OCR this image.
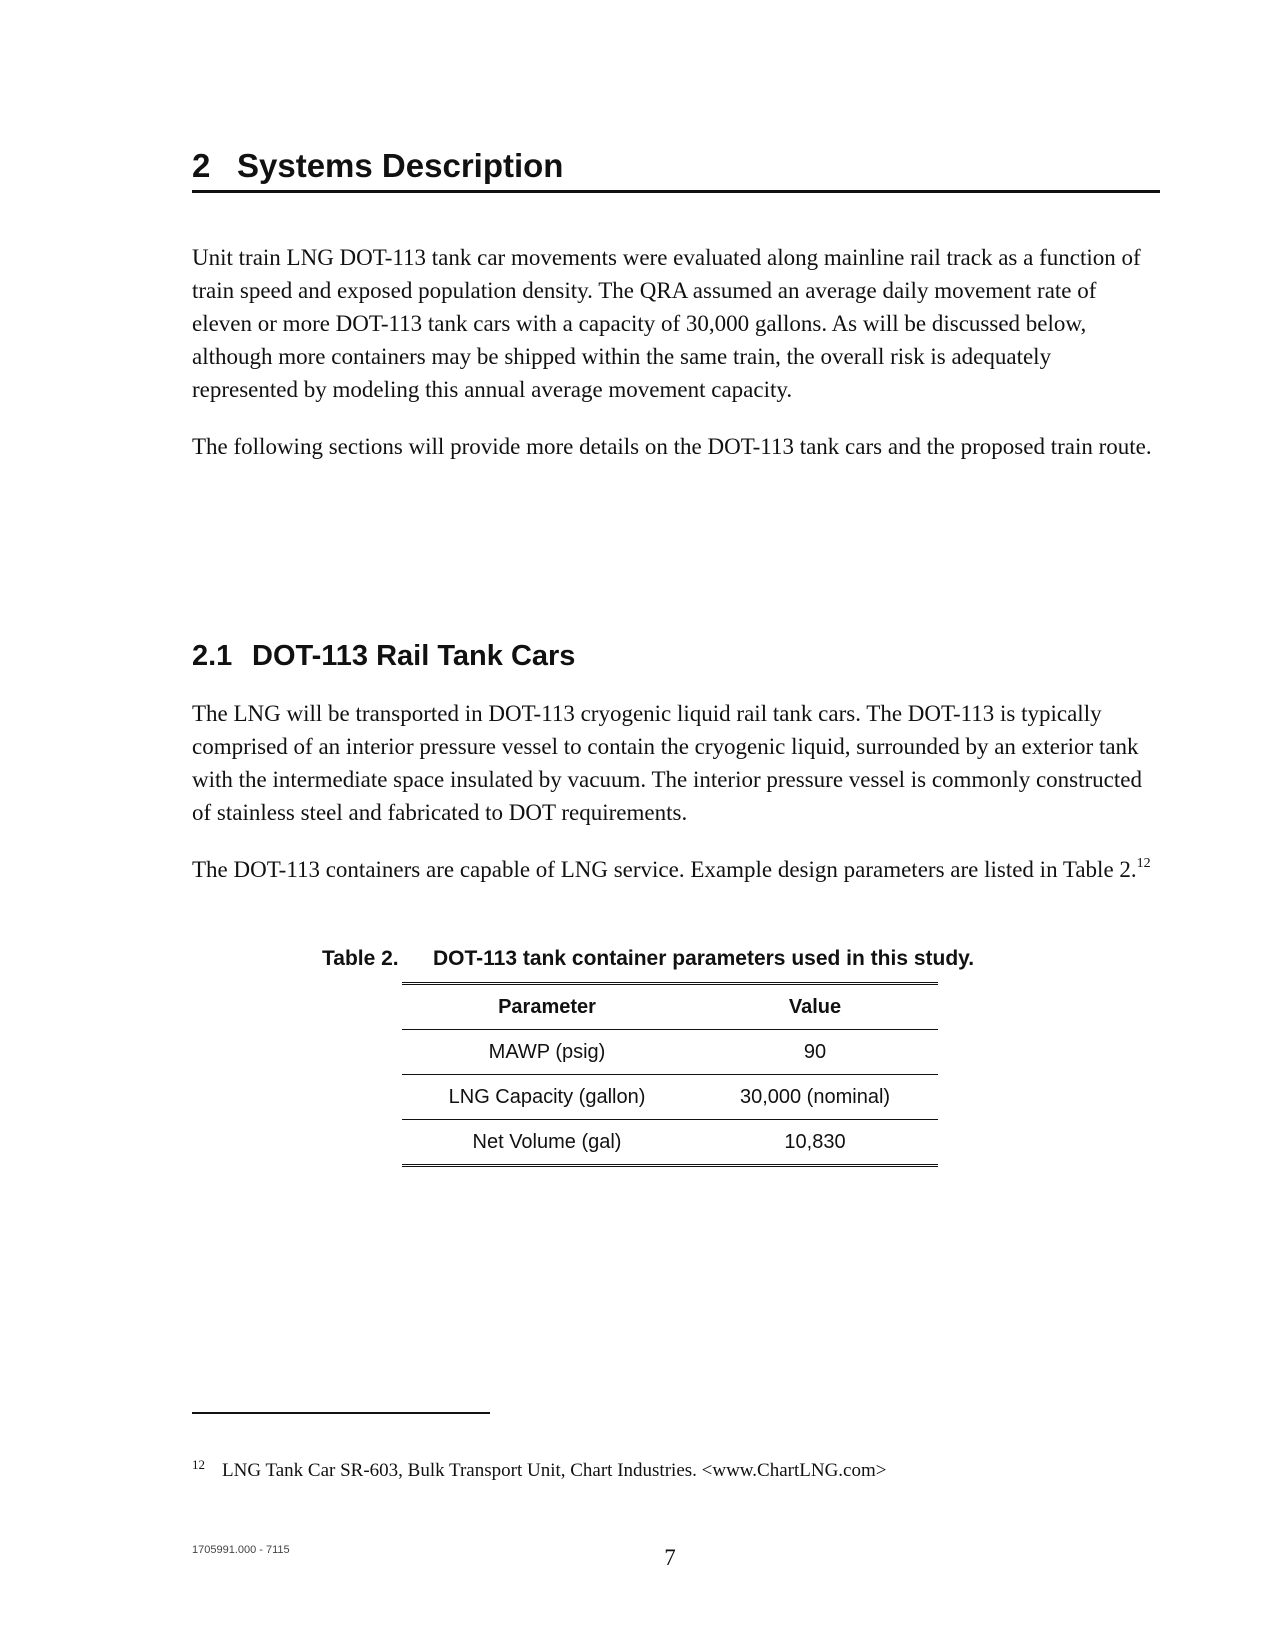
2 Systems Description

Unit train LNG DOT-113 tank car movements were evaluated along mainline rail track as a function of train speed and exposed population density. The QRA assumed an average daily movement rate of eleven or more DOT-113 tank cars with a capacity of 30,000 gallons. As will be discussed below, although more containers may be shipped within the same train, the overall risk is adequately represented by modeling this annual average movement capacity.

The following sections will provide more details on the DOT-113 tank cars and the proposed train route.

2.1 DOT-113 Rail Tank Cars

The LNG will be transported in DOT-113 cryogenic liquid rail tank cars. The DOT-113 is typically comprised of an interior pressure vessel to contain the cryogenic liquid, surrounded by an exterior tank with the intermediate space insulated by vacuum. The interior pressure vessel is commonly constructed of stainless steel and fabricated to DOT requirements.

The DOT-113 containers are capable of LNG service. Example design parameters are listed in Table 2.12

Table 2. DOT-113 tank container parameters used in this study.
Parameter	Value
MAWP (psig)	90
LNG Capacity (gallon)	30,000 (nominal)
Net Volume (gal)	10,830
12 LNG Tank Car SR-603, Bulk Transport Unit, Chart Industries. <www.ChartLNG.com>
1705991.000 - 7115	7
